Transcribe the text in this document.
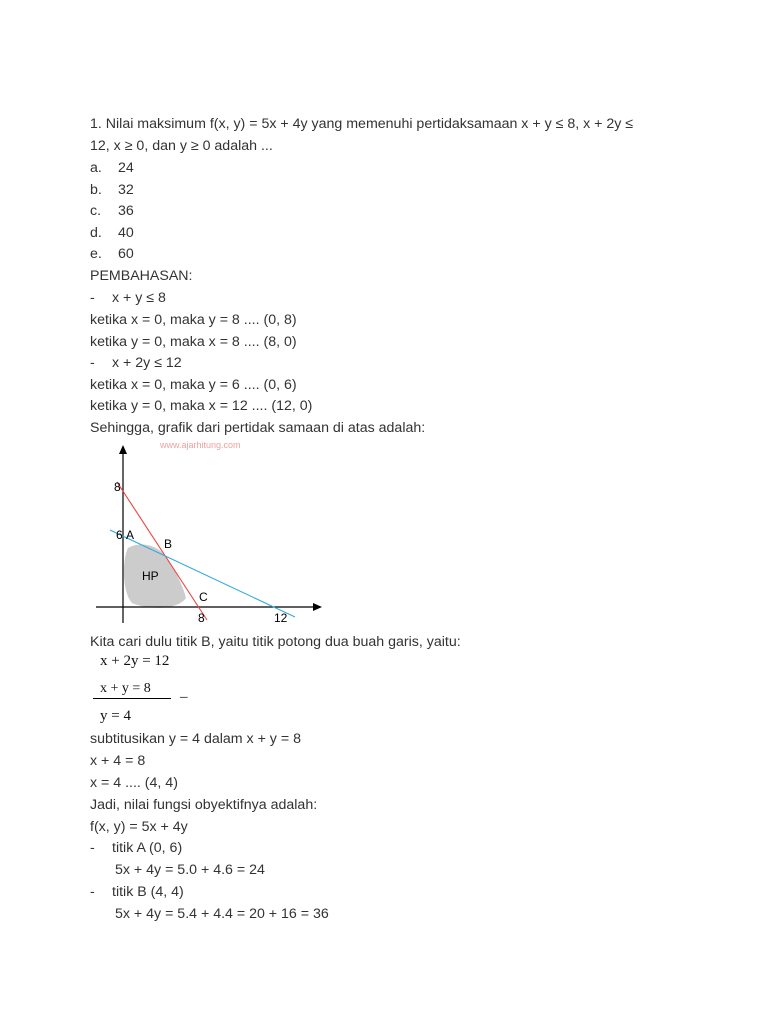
1. Nilai maksimum f(x, y) = 5x + 4y yang memenuhi pertidaksamaan x + y ≤ 8, x + 2y ≤
12, x ≥ 0, dan y ≥ 0 adalah ...
a. 24
b. 32
c. 36
d. 40
e. 60
PEMBAHASAN:
- x + y ≤ 8
ketika x = 0, maka y = 8 .... (0, 8)
ketika y = 0, maka x = 8 .... (8, 0)
- x + 2y ≤ 12
ketika x = 0, maka y = 6 .... (0, 6)
ketika y = 0, maka x = 12 .... (12, 0)
Sehingga, grafik dari pertidak samaan di atas adalah:
www.ajarhitung.com
8
6 A
B
HP
C
8	12
Kita cari dulu titik B, yaitu titik potong dua buah garis, yaitu:
x + 2y = 12
x + y = 8 _
y = 4
subtitusikan y = 4 dalam x + y = 8
x + 4 = 8
x = 4 .... (4, 4)
Jadi, nilai fungsi obyektifnya adalah:
f(x, y) = 5x + 4y
- titik A (0, 6)
5x + 4y = 5.0 + 4.6 = 24
- titik B (4, 4)
5x + 4y = 5.4 + 4.4 = 20 + 16 = 36
